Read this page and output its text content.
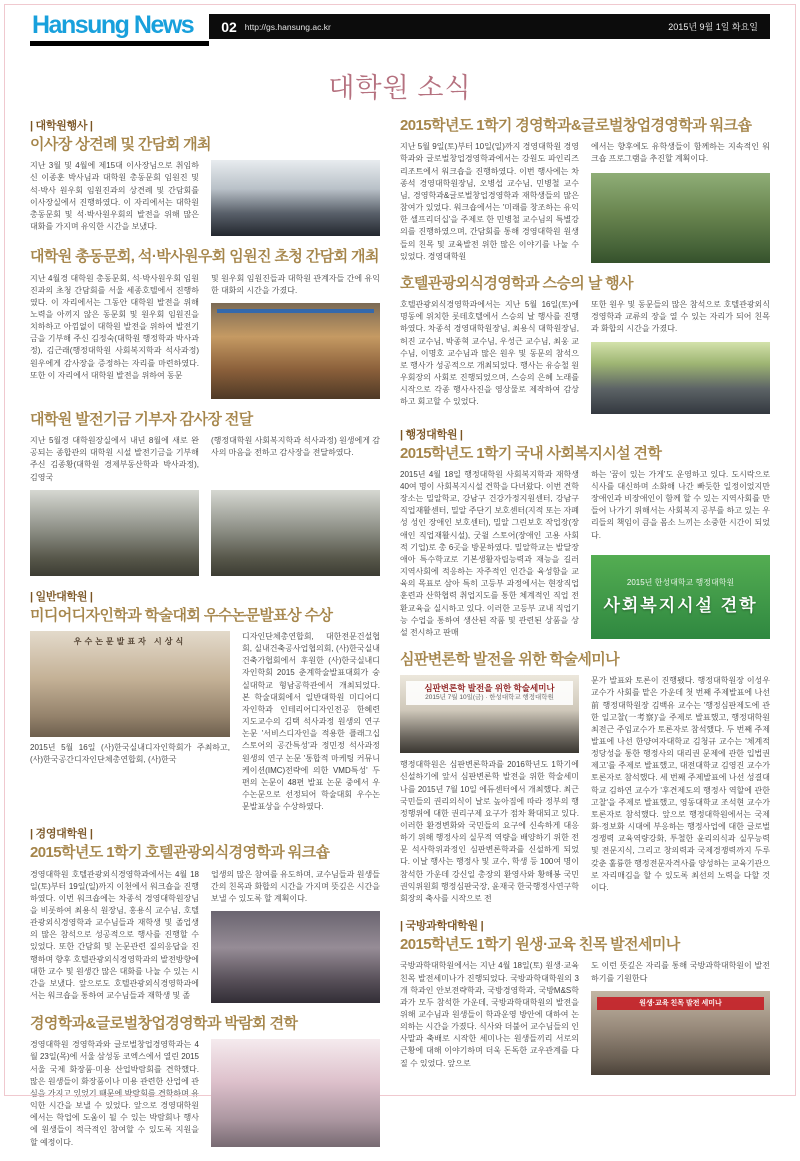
Hansung News 02 http://gs.hansung.ac.kr	2015년 9월 1일 화요일
대학원 소식
| 대학원행사 |
이사장 상견례 및 간담회 개최
지난 3월 및 4월에 제15대 이사장님으로 취임하신 이종훈 박사님과 대학원 총동문회 임원진 및 석·박사 원우회 임원진과의 상견례 및 간담회를 이사장실에서 진행하였다. 이 자리에서는 대학원 총동문회 및 석·박사원우회의 발전을 위해 많은 대화를 가지며 유익한 시간을 보냈다.
대학원 총동문회, 석·박사원우회 임원진 초청 간담회 개최
지난 4월경 대학원 총동문회, 석·박사원우회 임원진과의 초청 간담회를 서울 세종호텔에서 진행하였다. 이 자리에서는 그동안 대학원 발전을 위해 노력을 아끼지 않은 동문회 및 원우회 임원진을 치하하고 아낌없이 대학원 발전을 위하여 발전기금을 기부해 주신 김정숙(대학원 행정학과 박사과정), 김근래(행정대학원 사회복지학과 석사과정) 원우에게 감사장을 증정하는 자리를 마련하였다. 또한 이 자리에서 대학원 발전을 위하여 동문
및 원우회 임원진들과 대학원 관계자들 간에 유익한 대화의 시간을 가졌다.
대학원 발전기금 기부자 감사장 전달
지난 5월경 대학원장실에서 내년 8월에 새로 완공되는 종합관의 대학원 시설 발전기금을 기부해주신 김종황(대학원 경제부동산학과 박사과정), 김영국
(행정대학원 사회복지학과 석사과정) 원생에게 감사의 마음을 전하고 감사장을 전달하였다.
| 일반대학원 |
미디어디자인학과 학술대회 우수논문발표상 수상
우수논문발표자 시상식
2015년 5월 16일 (사)한국실내디자인학회가 주최하고, (사)한국공간디자인단체총연합회, (사)한국
디자인단체총연합회, 대한전문건설협회, 실내건축공사업협의회, (사)한국실내건축가협회에서 후원한 (사)한국실내디자인학회 2015 춘계학술발표대회가 숭실대학교 형남공학관에서 개최되었다. 본 학술대회에서 일반대학원 미디어디자인학과 인테리어디자인전공 한혜련 지도교수의 김택 석사과정 원생의 연구 논문 '서비스디자인을 적용한 플래그십 스토어의 공간특성'과 정민정 석사과정 원생의 연구 논문 '통합적 마케팅 커뮤니케이션(IMC)전략에 의한 VMD특성' 두 편의 논문이 48편 발표 논문 중에서 우수논문으로 선정되어 학술대회 우수논문발표상을 수상하였다.
| 경영대학원 |
2015학년도 1학기 호텔관광외식경영학과 워크숍
경영대학원 호텔관광외식경영학과에서는 4월 18일(토)부터 19일(일)까지 이천에서 워크숍을 진행하였다. 이번 워크숍에는 차종석 경영대학원장님을 비롯하여 최용식 원장님, 홍용식 교수님, 호텔관광외식경영학과 교수님들과 재학생 및 졸업생의 많은 참석으로 성공적으로 행사를 진행할 수 있었다. 또한 간담회 및 논문관련 질의응답을 진행하며 향후 호텔관광외식경영학과의 발전방향에 대한 교수 및 원생간 많은 대화를 나눌 수 있는 시간을 보냈다. 앞으로도 호텔관광외식경영학과에서는 워크숍을 통하여 교수님들과 재학생 및 졸
업생의 많은 참여를 유도하며, 교수님들과 원생들간의 친목과 화합의 시간을 가지며 뜻깊은 시간을 보낼 수 있도록 할 계획이다.
경영학과&글로벌창업경영학과 박람회 견학
경영대학원 경영학과와 글로벌창업경영학과는 4월 23일(목)에 서울 삼성동 코엑스에서 열린 2015 서울 국제 화장품·미용 산업박람회를 견학했다. 많은 원생들이 화장품이나 미용 관련한 산업에 관심을 가지고 있었기 때문에 박람회를 견학하며 유익한 시간을 보낼 수 있었다. 앞으로 경영대학원에서는 학업에 도움이 될 수 있는 박람회나 행사에 원생들이 적극적인 참여할 수 있도록 지원을 할 예정이다.
2015학년도 1학기 경영학과&글로벌창업경영학과 워크숍
지난 5월 9일(토)부터 10일(일)까지 경영대학원 경영학과와 글로벌창업경영학과에서는 강원도 파인리즈리조트에서 워크숍을 진행하였다. 이번 행사에는 차종석 경영대학원장님, 오병섭 교수님, 민병철 교수님, 경영학과&글로벌창업경영학과 재학생들의 많은 참여가 있었다. 워크숍에서는 '미래를 창조하는 유익한 셀프리더십'을 주제로 한 민병철 교수님의 특별강의를 진행하였으며, 간담회를 통해 경영대학원 원생들의 친목 및 교육발전 위한 많은 이야기를 나눌 수 있었다. 경영대학원
에서는 향후에도 유학생들이 함께하는 지속적인 워크숍 프로그램을 추진할 계획이다.
호텔관광외식경영학과 스승의 날 행사
호텔관광외식경영학과에서는 지난 5월 16일(토)에 명동에 위치한 롯데호텔에서 스승의 날 행사를 진행하였다. 차종석 경영대학원장님, 최용식 대학원장님, 허진 교수님, 박종혁 교수님, 우성근 교수님, 최웅 교수님, 이명호 교수님과 많은 원우 및 동문의 참석으로 행사가 성공적으로 개최되었다. 행사는 유승철 원우회장의 사회로 진행되었으며, 스승의 은혜 노래를 시작으로 각종 행사사진을 영상물로 제작하여 감상하고 회고할 수 있었다.
또한 원우 및 동문들의 많은 참석으로 호텔관광외식경영학과 교류의 장을 열 수 있는 자리가 되어 친목과 화합의 시간을 가졌다.
| 행정대학원 |
2015학년도 1학기 국내 사회복지시설 견학
2015년 4월 18일 행정대학원 사회복지학과 재학생 40여 명이 사회복지시설 견학을 다녀왔다. 이번 견학장소는 밀알학교, 강남구 건강가정지원센터, 강남구 직업재활센터, 밀알 주단기 보호센터(지적 또는 자폐성 성인 장애인 보호센터), 밀알 그린보호 작업장(장애인 직업재활시설), 굿윌 스토어(장애인 고용 사회적 기업)로 총 6곳을 방문하였다. 밀알학교는 발달장애아 특수학교로 기본생활자립능력과 재능을 길러 지역사회에 적응하는 자주적인 인간을 육성함을 교육의 목표로 삼아 특히 고등부 과정에서는 현장직업 훈련과 산학협력 취업지도를 통한 체계적인 직업 전환교육을 실시하고 있다. 이러한 고등부 교내 직업기능 수업을 통하여 생산된 작품 및 관련된 상품을 상설 전시하고 판매
하는 '꿈이 있는 가게'도 운영하고 있다. 도시락으로 식사를 대신하며 소화해 나간 빠듯한 일정이었지만 장애인과 비장애인이 함께 할 수 있는 지역사회를 만들어 나가기 위해서는 사회복지 공부를 하고 있는 우리들의 책임이 큼을 몸소 느끼는 소중한 시간이 되었다.
2015년 한성대학교 행정대학원
사회복지시설 견학
심판변론학 발전을 위한 학술세미나
심판변론학 발전을 위한 학술세미나
2015년 7월 10일(금) · 한성대학교 행정대학원
행정대학원은 심판변론학과를 2016학년도 1학기에 신설하기에 앞서 심판변론학 발전을 위한 학술세미나를 2015년 7월 10일 에듀센터에서 개최했다. 최근 국민들의 권리의식이 날로 높아짐에 따라 정부의 행정행위에 대한 권리구제 요구가 점차 확대되고 있다. 이러한 환경변화와 국민들의 요구에 신속하게 대응하기 위해 행정사의 실무적 역량을 배양하기 위한 전문 석사학위과정인 심판변론학과를 신설하게 되었다. 이날 행사는 행정사 및 교수, 학생 등 100여 명이 참석한 가운데 강신일 총장의 환영사와 황해봉 국민권익위원회 행정심판국장, 윤재국 한국행정사연구학회장의 축사를 시작으로 전
문가 발표와 토론이 진행됐다. 행정대학원장 이성우 교수가 사회를 맡은 가운데 첫 번째 주제발표에 나선 前 행정대학원장 김백유 교수는 '행정심판제도에 관한 일고찰(一考察)'을 주제로 발표했고, 행정대학원 최전근 주임교수가 토론자로 참석했다. 두 번째 주제발표에 나선 한양여자대학교 김청규 교수는 '체계적 정당성을 통한 행정사의 대리권 문제에 관한 입법권 제고'를 주제로 발표했고, 대전대학교 김영진 교수가 토론자로 참석했다. 세 번째 주제발표에 나선 성결대학교 김하연 교수가 '후견제도의 행정사 역할에 관한 고찰'을 주제로 발표했고, 영동대학교 조석현 교수가 토론자로 참석했다. 앞으로 행정대학원에서는 국제화·정보화 시대에 부응하는 행정사업에 대한 글로벌 경쟁력 교육역량강화, 투철한 윤리의식과 실무능력 및 전문지식, 그리고 창의력과 국제경쟁력까지 두루 갖춘 훌륭한 행정전문자격사를 양성하는 교육기관으로 자리매김을 할 수 있도록 최선의 노력을 다할 것이다.
| 국방과학대학원 |
2015학년도 1학기 원생·교육 친목 발전세미나
국방과학대학원에서는 지난 4월 18일(토) 원생·교육 친목 발전세미나가 진행되었다. 국방과학대학원의 3개 학과인 안보전략학과, 국방경영학과, 국방M&S학과가 모두 참석한 가운데, 국방과학대학원의 발전을 위해 교수님과 원생들이 학과운영 방안에 대하여 논의하는 시간을 가졌다. 식사와 더불어 교수님들의 인사말과 축배로 시작한 세미나는 원생들끼리 서로의 근황에 대해 이야기하며 더욱 돈독한 교우관계를 다질 수 있었다. 앞으로
도 이런 뜻깊은 자리를 통해 국방과학대학원이 발전하기를 기원한다
원생·교육 친목 발전 세미나
